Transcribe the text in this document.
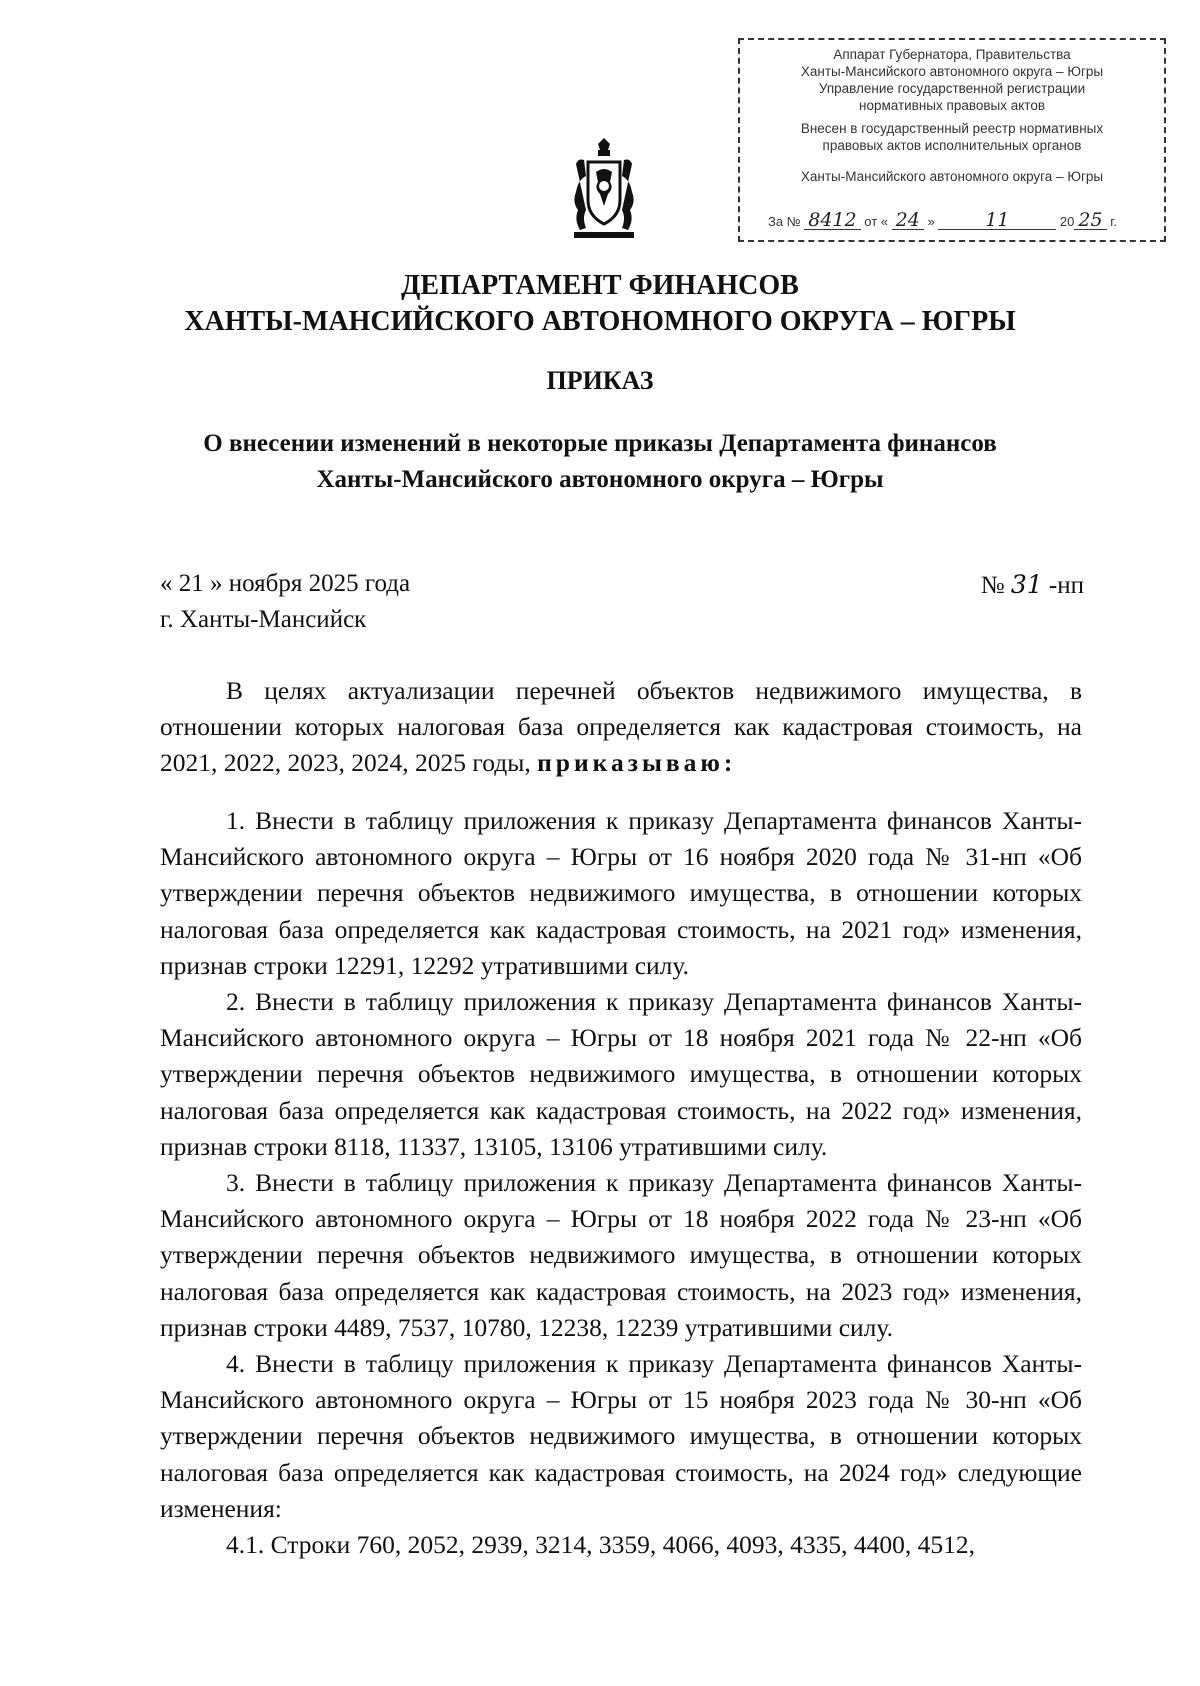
Аппарат Губернатора, Правительства
Ханты-Мансийского автономного округа – Югры
Управление государственной регистрации
нормативных правовых актов
Внесен в государственный реестр нормативных
правовых актов исполнительных органов
Ханты-Мансийского автономного округа – Югры
За № 8412 от « 24 »	11	20 25 г.
ДЕПАРТАМЕНТ ФИНАНСОВ
ХАНТЫ-МАНСИЙСКОГО АВТОНОМНОГО ОКРУГА – ЮГРЫ
ПРИКАЗ
О внесении изменений в некоторые приказы Департамента финансов
Ханты-Мансийского автономного округа – Югры
« 21 » ноября 2025 года
г. Ханты-Мансийск
№ 31 -нп

В целях актуализации перечней объектов недвижимого имущества, в отношении которых налоговая база определяется как кадастровая стоимость, на 2021, 2022, 2023, 2024, 2025 годы, приказываю:

1. Внести в таблицу приложения к приказу Департамента финансов Ханты-Мансийского автономного округа – Югры от 16 ноября 2020 года № 31-нп «Об утверждении перечня объектов недвижимого имущества, в отношении которых налоговая база определяется как кадастровая стоимость, на 2021 год» изменения, признав строки 12291, 12292 утратившими силу.

2. Внести в таблицу приложения к приказу Департамента финансов Ханты-Мансийского автономного округа – Югры от 18 ноября 2021 года № 22-нп «Об утверждении перечня объектов недвижимого имущества, в отношении которых налоговая база определяется как кадастровая стоимость, на 2022 год» изменения, признав строки 8118, 11337, 13105, 13106 утратившими силу.

3. Внести в таблицу приложения к приказу Департамента финансов Ханты-Мансийского автономного округа – Югры от 18 ноября 2022 года № 23-нп «Об утверждении перечня объектов недвижимого имущества, в отношении которых налоговая база определяется как кадастровая стоимость, на 2023 год» изменения, признав строки 4489, 7537, 10780, 12238, 12239 утратившими силу.

4. Внести в таблицу приложения к приказу Департамента финансов Ханты-Мансийского автономного округа – Югры от 15 ноября 2023 года № 30-нп «Об утверждении перечня объектов недвижимого имущества, в отношении которых налоговая база определяется как кадастровая стоимость, на 2024 год» следующие изменения:

4.1. Строки 760, 2052, 2939, 3214, 3359, 4066, 4093, 4335, 4400, 4512,
